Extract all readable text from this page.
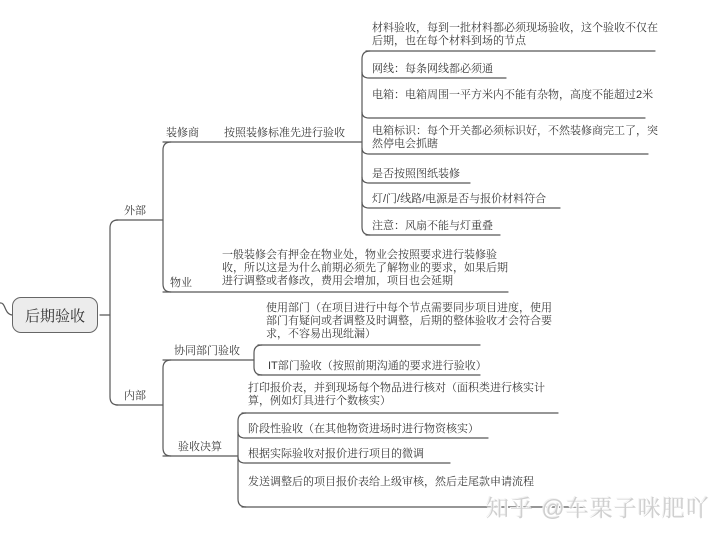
后期验收
外部
内部
装修商 按照装修标准先进行验收
材料验收，每到一批材料都必须现场验收，这个验收不仅在后期，也在每个材料到场的节点
网线：每条网线都必须通
电箱：电箱周围一平方米内不能有杂物，高度不能超过2米
电箱标识：每个开关都必须标识好，不然装修商完工了，突然停电会抓瞎
是否按照图纸装修
灯/门/线路/电源是否与报价材料符合
注意：风扇不能与灯重叠
物业
一般装修会有押金在物业处，物业会按照要求进行装修验收，所以这是为什么前期必须先了解物业的要求，如果后期进行调整或者修改，费用会增加，项目也会延期
协同部门验收
使用部门（在项目进行中每个节点需要同步项目进度，使用部门有疑问或者调整及时调整，后期的整体验收才会符合要求，不容易出现纰漏）
IT部门验收（按照前期沟通的要求进行验收）
验收决算
打印报价表，并到现场每个物品进行核对（面积类进行核实计算，例如灯具进行个数核实）
阶段性验收（在其他物资进场时进行物资核实）
根据实际验收对报价进行项目的微调
发送调整后的项目报价表给上级审核，然后走尾款申请流程
知乎 @车栗子咪肥吖
